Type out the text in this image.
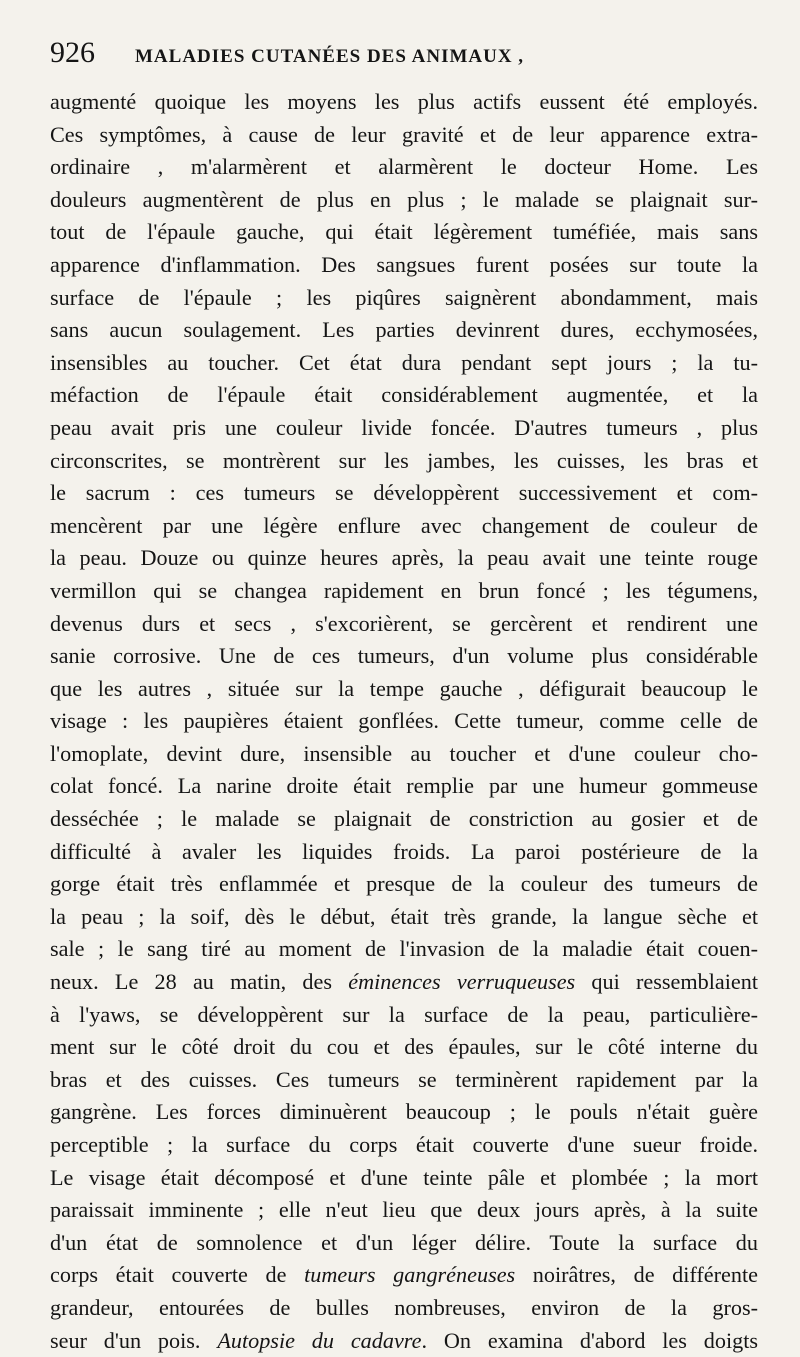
926 MALADIES CUTANÉES DES ANIMAUX ,
augmenté quoique les moyens les plus actifs eussent été employés.
Ces symptômes, à cause de leur gravité et de leur apparence extra-
ordinaire , m'alarmèrent et alarmèrent le docteur Home. Les
douleurs augmentèrent de plus en plus ; le malade se plaignait sur-
tout de l'épaule gauche, qui était légèrement tuméfiée, mais sans
apparence d'inflammation. Des sangsues furent posées sur toute la
surface de l'épaule ; les piqûres saignèrent abondamment, mais
sans aucun soulagement. Les parties devinrent dures, ecchymosées,
insensibles au toucher. Cet état dura pendant sept jours ; la tu-
méfaction de l'épaule était considérablement augmentée, et la
peau avait pris une couleur livide foncée. D'autres tumeurs , plus
circonscrites, se montrèrent sur les jambes, les cuisses, les bras et
le sacrum : ces tumeurs se développèrent successivement et com-
mencèrent par une légère enflure avec changement de couleur de
la peau. Douze ou quinze heures après, la peau avait une teinte rouge
vermillon qui se changea rapidement en brun foncé ; les tégumens,
devenus durs et secs , s'excorièrent, se gercèrent et rendirent une
sanie corrosive. Une de ces tumeurs, d'un volume plus considérable
que les autres , située sur la tempe gauche , défigurait beaucoup le
visage : les paupières étaient gonflées. Cette tumeur, comme celle de
l'omoplate, devint dure, insensible au toucher et d'une couleur cho-
colat foncé. La narine droite était remplie par une humeur gommeuse
desséchée ; le malade se plaignait de constriction au gosier et de
difficulté à avaler les liquides froids. La paroi postérieure de la
gorge était très enflammée et presque de la couleur des tumeurs de
la peau ; la soif, dès le début, était très grande, la langue sèche et
sale ; le sang tiré au moment de l'invasion de la maladie était couen-
neux. Le 28 au matin, des éminences verruqueuses qui ressemblaient
à l'yaws, se développèrent sur la surface de la peau, particulière-
ment sur le côté droit du cou et des épaules, sur le côté interne du
bras et des cuisses. Ces tumeurs se terminèrent rapidement par la
gangrène. Les forces diminuèrent beaucoup ; le pouls n'était guère
perceptible ; la surface du corps était couverte d'une sueur froide.
Le visage était décomposé et d'une teinte pâle et plombée ; la mort
paraissait imminente ; elle n'eut lieu que deux jours après, à la suite
d'un état de somnolence et d'un léger délire. Toute la surface du
corps était couverte de tumeurs gangréneuses noirâtres, de différente
grandeur, entourées de bulles nombreuses, environ de la gros-
seur d'un pois. Autopsie du cadavre. On examina d'abord les doigts
